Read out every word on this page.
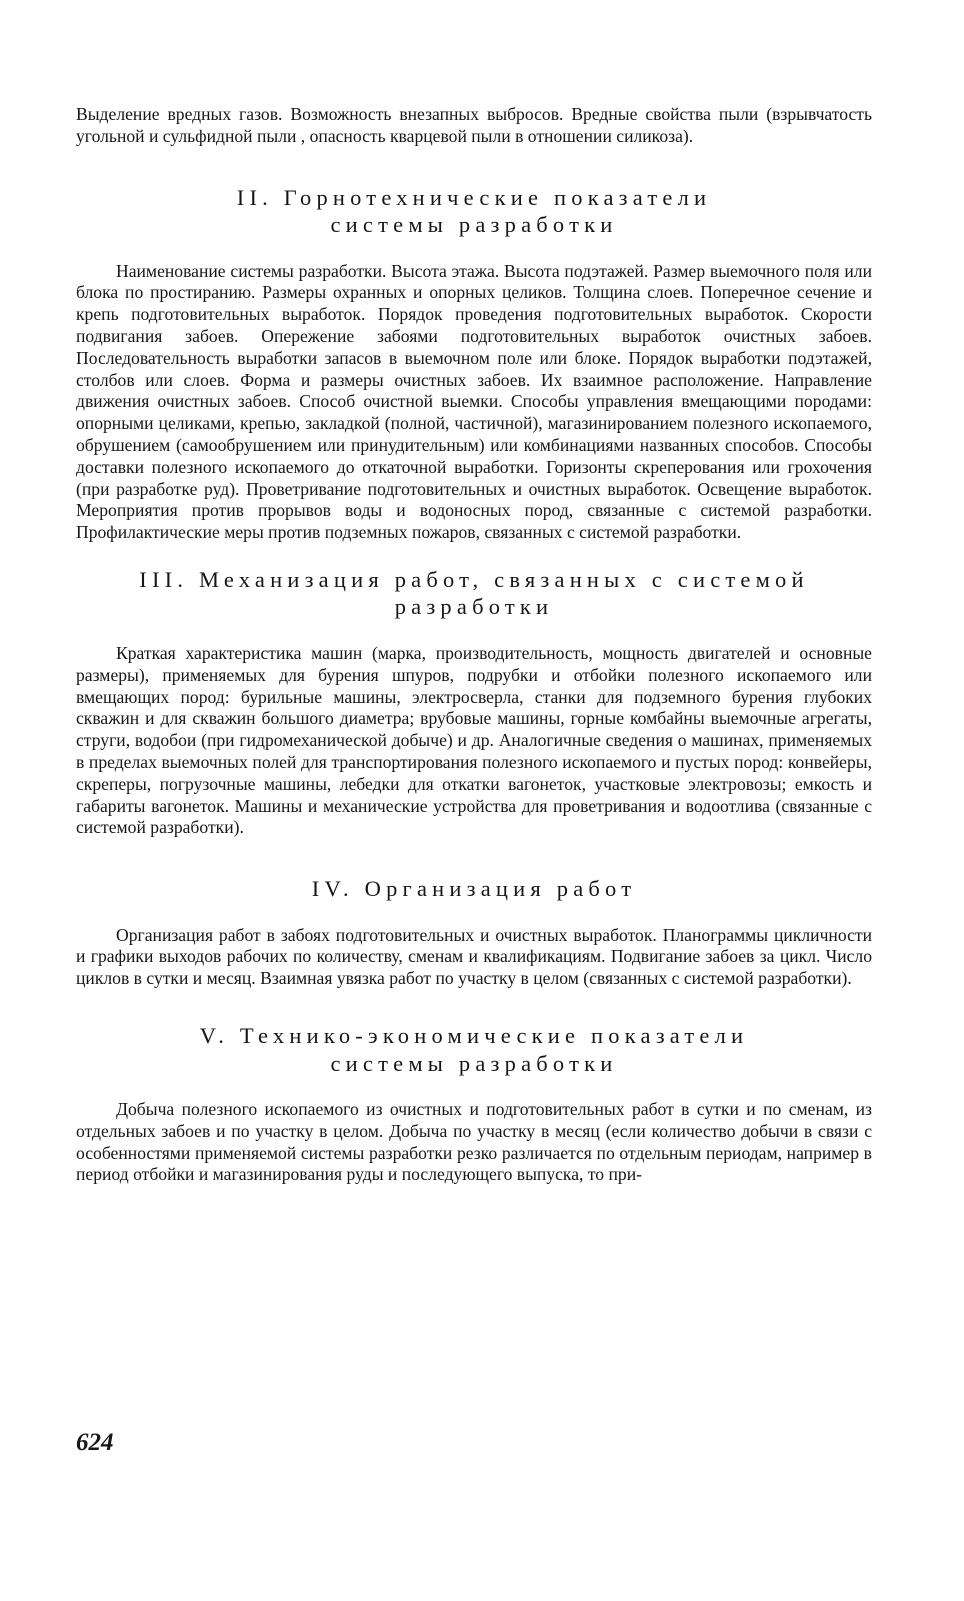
Выделение вредных газов. Возможность внезапных выбросов. Вредные свойства пыли (взрывчатость угольной и сульфидной пыли , опасность кварцевой пыли в отношении силикоза).

II. Горнотехнические показатели
системы разработки

Наименование системы разработки. Высота этажа. Высота подэтажей. Размер выемочного поля или блока по простиранию. Размеры охранных и опорных целиков. Толщина слоев. Поперечное сечение и крепь подготовительных выработок. Порядок проведения подготовительных выработок. Скорости подвигания забоев. Опережение забоями подготовительных выработок очистных забоев. Последовательность выработки запасов в выемочном поле или блоке. Порядок выработки подэтажей, столбов или слоев. Форма и размеры очистных забоев. Их взаимное расположение. Направление движения очистных забоев. Способ очистной выемки. Способы управления вмещающими породами: опорными целиками, крепью, закладкой (полной, частичной), магазинированием полезного ископаемого, обрушением (самообрушением или принудительным) или комбинациями названных способов. Способы доставки полезного ископаемого до откаточной выработки. Горизонты скреперования или грохочения (при разработке руд). Проветривание подготовительных и очистных выработок. Освещение выработок. Мероприятия против прорывов воды и водоносных пород, связанные с системой разработки. Профилактические меры против подземных пожаров, связанных с системой разработки.

III. Механизация работ, связанных с системой
разработки

Краткая характеристика машин (марка, производительность, мощность двигателей и основные размеры), применяемых для бурения шпуров, подрубки и отбойки полезного ископаемого или вмещающих пород: бурильные машины, электросверла, станки для подземного бурения глубоких скважин и для скважин большого диаметра; врубовые машины, горные комбайны выемочные агрегаты, струги, водобои (при гидромеханической добыче) и др. Аналогичные сведения о машинах, применяемых в пределах выемочных полей для транспортирования полезного ископаемого и пустых пород: конвейеры, скреперы, погрузочные машины, лебедки для откатки вагонеток, участковые электровозы; емкость и габариты вагонеток. Машины и механические устройства для проветривания и водоотлива (связанные с системой разработки).

IV. Организация работ

Организация работ в забоях подготовительных и очистных выработок. Планограммы цикличности и графики выходов рабочих по количеству, сменам и квалификациям. Подвигание забоев за цикл. Число циклов в сутки и месяц. Взаимная увязка работ по участку в целом (связанных с системой разработки).

V. Технико-экономические показатели
системы разработки

Добыча полезного ископаемого из очистных и подготовительных работ в сутки и по сменам, из отдельных забоев и по участку в целом. Добыча по участку в месяц (если количество добычи в связи с особенностями применяемой системы разработки резко различается по отдельным периодам, например в период отбойки и магазинирования руды и последующего выпуска, то при-

624
